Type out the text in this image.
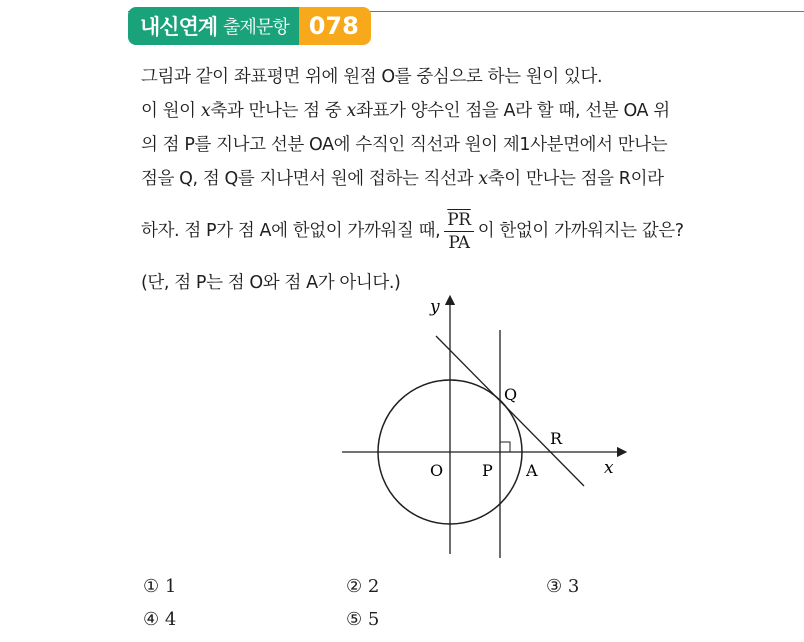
내신연계 출제문항 078
그림과 같이 좌표평면 위에 원점 O를 중심으로 하는 원이 있다.
이 원이 x축과 만나는 점 중 x좌표가 양수인 점을 A라 할 때, 선분 OA 위
의 점 P를 지나고 선분 OA에 수직인 직선과 원이 제1사분면에서 만나는
점을 Q, 점 Q를 지나면서 원에 접하는 직선과 x축이 만나는 점을 R이라
하자. 점 P가 점 A에 한없이 가까워질 때, $\frac{\overline{PR}}{PA}$ 이 한없이 가까워지는 값은?
(단, 점 P는 점 O와 점 A가 아니다.)
y
x
O P A
Q
R
① 1	② 2	③ 3
④ 4	⑤ 5
